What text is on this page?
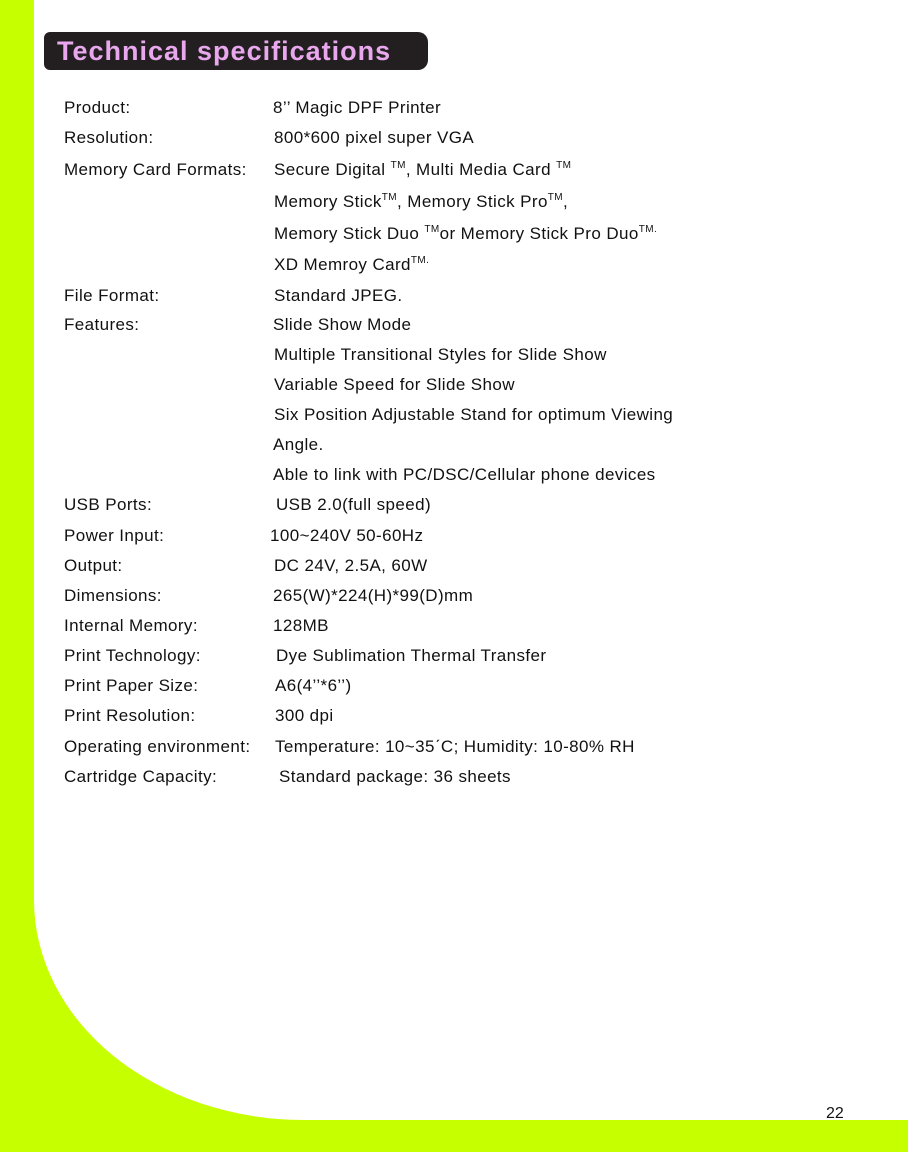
Technical specifications
Product:	8’’ Magic DPF Printer
Resolution:	800*600 pixel super VGA
Memory Card Formats: Secure Digital ™, Multi Media Card ™
Memory Stick™, Memory Stick Pro™,
Memory Stick Duo ™or Memory Stick Pro Duo$^{TM.}$
XD Memroy Card$^{TM.}$
File Format:	Standard JPEG.
Features:	Slide Show Mode
Multiple Transitional Styles for Slide Show
Variable Speed for Slide Show
Six Position Adjustable Stand for optimum Viewing
Angle.
Able to link with PC/DSC/Cellular phone devices
USB Ports:	USB 2.0(full speed)
Power Input:	100~240V 50-60Hz
Output:	DC 24V, 2.5A, 60W
Dimensions:	265(W)*224(H)*99(D)mm
Internal Memory:	128MB
Print Technology:	Dye Sublimation Thermal Transfer
Print Paper Size:	A6(4’’*6’’)
Print Resolution:	300 dpi
Operating environment: Temperature: 10~35ˊC; Humidity: 10-80% RH
Cartridge Capacity:	Standard package: 36 sheets
22
